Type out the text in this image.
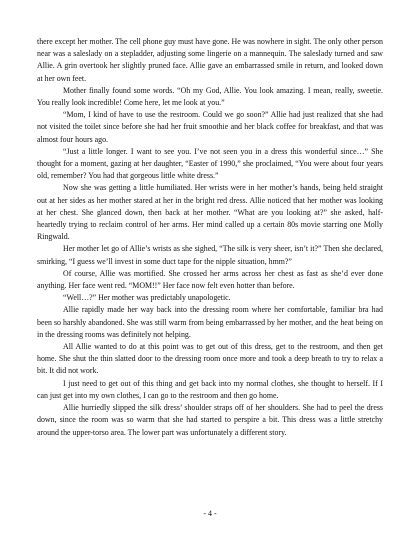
there except her mother. The cell phone guy must have gone. He was nowhere in sight. The only other person near was a saleslady on a stepladder, adjusting some lingerie on a mannequin. The saleslady turned and saw Allie. A grin overtook her slightly pruned face. Allie gave an embarrassed smile in return, and looked down at her own feet.

Mother finally found some words. “Oh my God, Allie. You look amazing. I mean, really, sweetie. You really look incredible! Come here, let me look at you.”

“Mom, I kind of have to use the restroom. Could we go soon?” Allie had just realized that she had not visited the toilet since before she had her fruit smoothie and her black coffee for breakfast, and that was almost four hours ago.

“Just a little longer. I want to see you. I’ve not seen you in a dress this wonderful since…” She thought for a moment, gazing at her daughter, “Easter of 1990,” she proclaimed, “You were about four years old, remember? You had that gorgeous little white dress.”

Now she was getting a little humiliated. Her wrists were in her mother’s hands, being held straight out at her sides as her mother stared at her in the bright red dress. Allie noticed that her mother was looking at her chest. She glanced down, then back at her mother. “What are you looking at?” she asked, half-heartedly trying to reclaim control of her arms. Her mind called up a certain 80s movie starring one Molly Ringwald.

Her mother let go of Allie’s wrists as she sighed, “The silk is very sheer, isn’t it?” Then she declared, smirking, “I guess we’ll invest in some duct tape for the nipple situation, hmm?”

Of course, Allie was mortified. She crossed her arms across her chest as fast as she’d ever done anything. Her face went red. “MOM!!” Her face now felt even hotter than before.

“Well…?” Her mother was predictably unapologetic.

Allie rapidly made her way back into the dressing room where her comfortable, familiar bra had been so harshly abandoned. She was still warm from being embarrassed by her mother, and the heat being on in the dressing rooms was definitely not helping.

All Allie wanted to do at this point was to get out of this dress, get to the restroom, and then get home. She shut the thin slatted door to the dressing room once more and took a deep breath to try to relax a bit. It did not work.

I just need to get out of this thing and get back into my normal clothes, she thought to herself. If I can just get into my own clothes, I can go to the restroom and then go home.

Allie hurriedly slipped the silk dress’ shoulder straps off of her shoulders. She had to peel the dress down, since the room was so warm that she had started to perspire a bit. This dress was a little stretchy around the upper-torso area. The lower part was unfortunately a different story.

- 4 -
